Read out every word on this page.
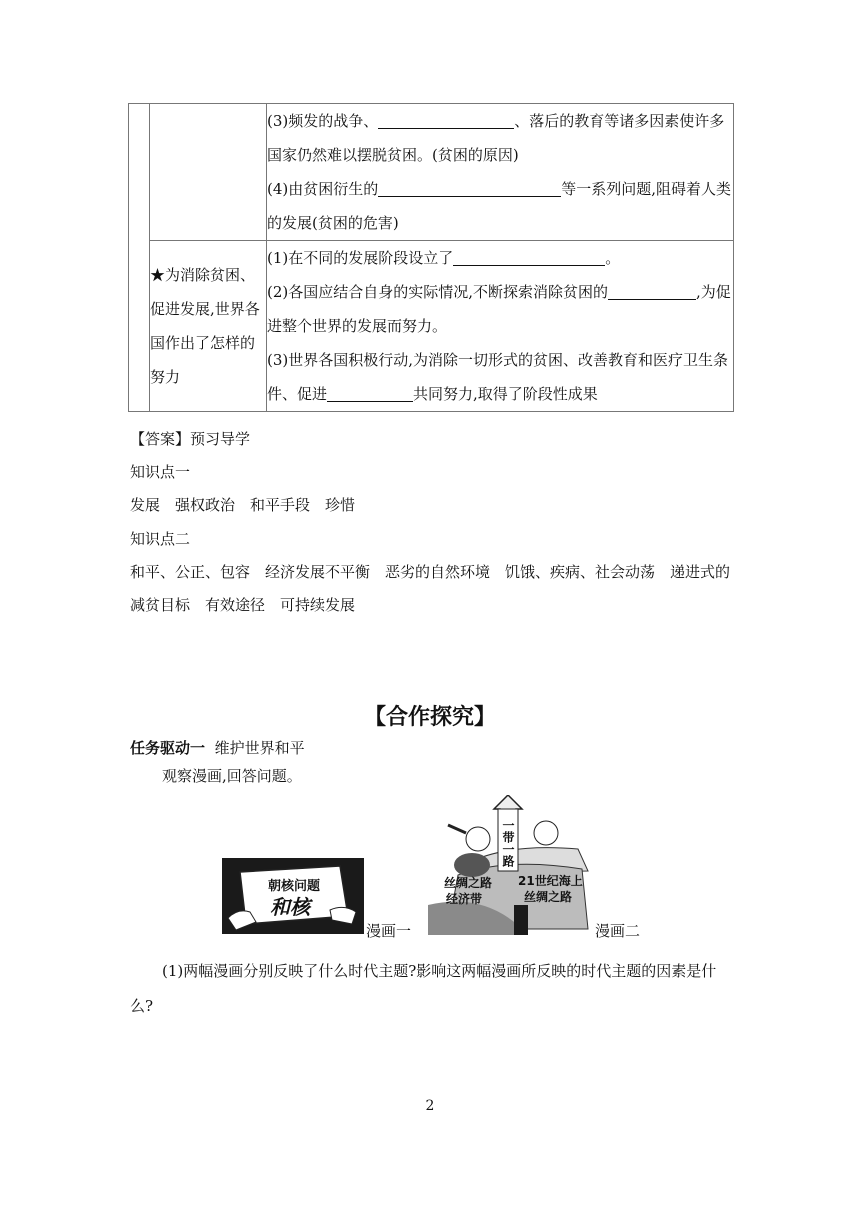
		(3)频发的战争、 、落后的教育等诸多因素使许多国家仍然难以摆脱贫困。(贫困的原因)
(4)由贫困衍生的 等一系列问题,阻碍着人类的发展(贫困的危害)

	★为消除贫困、促进发展,世界各国作出了怎样的努力	(1)在不同的发展阶段设立了 。
(2)各国应结合自身的实际情况,不断探索消除贫困的 ,为促进整个世界的发展而努力。
(3)世界各国积极行动,为消除一切形式的贫困、改善教育和医疗卫生条件、促进 共同努力,取得了阶段性成果
【答案】预习导学
知识点一
发展　强权政治　和平手段　珍惜
知识点二
和平、公正、包容　经济发展不平衡　恶劣的自然环境　饥饿、疾病、社会动荡　递进式的
减贫目标　有效途径　可持续发展
【合作探究】
任务驱动一 维护世界和平
观察漫画,回答问题。
朝核问题
和核
漫画一
一带一路
丝绸之路
经济带
21世纪海上
丝绸之路
漫画二
(1)两幅漫画分别反映了什么时代主题?影响这两幅漫画所反映的时代主题的因素是什
么?
2
